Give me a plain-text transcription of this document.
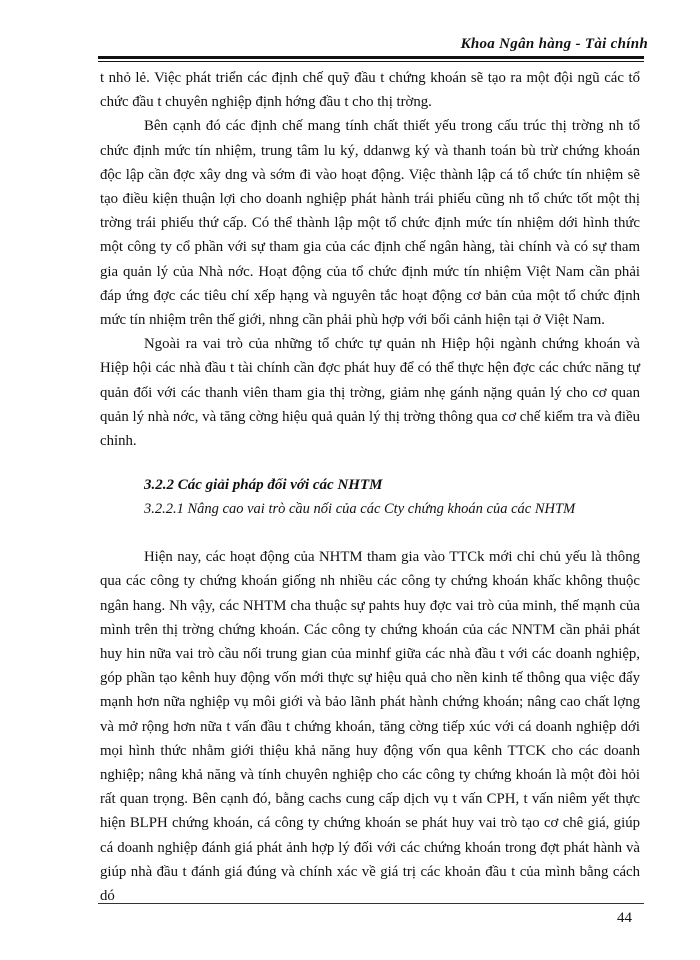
Khoa Ngân hàng - Tài chính

t nhỏ lẻ. Việc phát triển các định chế quỹ đầu t chứng khoán sẽ tạo ra một đội ngũ các tổ chức đầu t chuyên nghiệp định hớng đầu t cho thị trờng.

Bên cạnh đó các định chế mang tính chất thiết yếu trong cấu trúc thị trờng nh tổ chức định mức tín nhiệm, trung tâm lu ký, ddanwg ký và thanh toán bù trừ chứng khoán độc lập cần đợc xây dng và sớm đi vào hoạt động. Việc thành lập cá tổ chức tín nhiệm sẽ tạo điều kiện thuận lợi cho doanh nghiệp phát hành trái phiếu cũng nh tổ chức tốt một thị trờng trái phiếu thứ cấp. Có thể thành lập một tổ chức định mức tín nhiệm dới hình thức một công ty cổ phần với sự tham gia của các định chế ngân hàng, tài chính và có sự tham gia quản lý của Nhà nớc. Hoạt động của tổ chức định mức tín nhiệm Việt Nam cần phải đáp ứng đợc các tiêu chí xếp hạng và nguyên tắc hoạt động cơ bản của một tổ chức định mức tín nhiệm trên thế giới, nhng cần phải phù hợp với bối cảnh hiện tại ở Việt Nam.

Ngoài ra vai trò của những tổ chức tự quản nh Hiệp hội ngành chứng khoán và Hiệp hội các nhà đầu t tài chính cần đợc phát huy để có thể thực hện đợc các chức năng tự quản đối với các thanh viên tham gia thị trờng, giảm nhẹ gánh nặng quản lý cho cơ quan quản lý nhà nớc, và tăng cờng hiệu quả quản lý thị trờng thông qua cơ chế kiểm tra và điều chỉnh.

3.2.2 Các giải pháp đối với các NHTM

3.2.2.1 Nâng cao vai trò cầu nối của các Cty chứng khoán của các NHTM

Hiện nay, các hoạt động của NHTM tham gia vào TTCk mới chỉ chủ yếu là thông qua các công ty chứng khoán giống nh nhiều các công ty chứng khoán khấc không thuộc ngân hang. Nh vậy, các NHTM cha thuậc sự pahts huy đợc vai trò của minh, thế mạnh của mình trên thị trờng chứng khoán. Các công ty chứng khoán của các NNTM cần phải phát huy hin nữa vai trò cầu nối trung gian của minhf giữa các nhà đầu t với các doanh nghiệp, góp phần tạo kênh huy động vốn mới thực sự hiệu quả cho nền kinh tế thông qua việc đẩy mạnh hơn nữa nghiệp vụ môi giới và bảo lãnh phát hành chứng khoán; nâng cao chất lợng và mở rộng hơn nữa t vấn đầu t chứng khoán, tăng cờng tiếp xúc với cá doanh nghiệp dới mọi hình thức nhằm giới thiệu khả năng huy động vốn qua kênh TTCK cho các doanh nghiệp; nâng khả năng và tính chuyên nghiệp cho các công ty chứng khoán là một đòi hỏi rất quan trọng. Bên cạnh đó, bằng cachs cung cấp dịch vụ t vấn CPH, t vấn niêm yết thực hiện BLPH chứng khoán, cá công ty chứng khoán se phát huy vai trò tạo cơ chê giá, giúp cá doanh nghiệp đánh giá phát ảnh hợp lý đối với các chứng khoán trong đợt phát hành và giúp nhà đầu t đánh giá đúng và chính xác về giá trị các khoản đầu t của mình bằng cách dó

44
